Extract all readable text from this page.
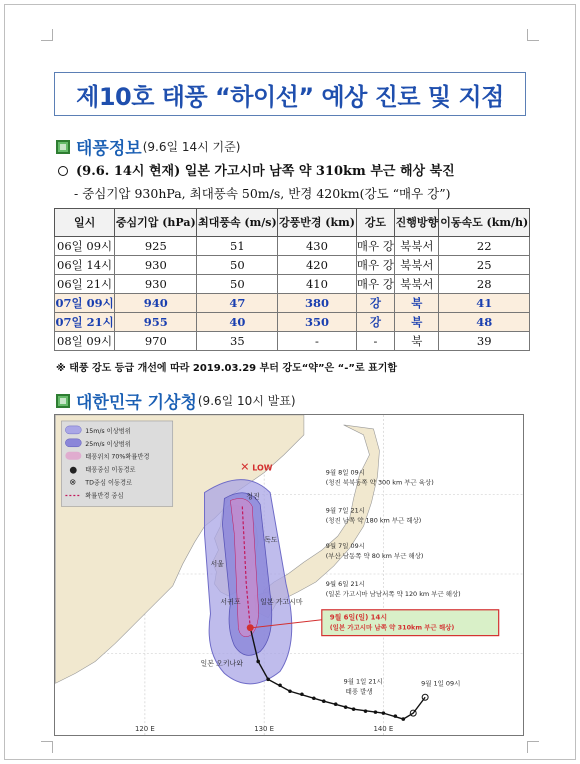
제10호 태풍 “하이선” 예상 진로 및 지점
태풍정보 (9.6일 14시 기준)
(9.6. 14시 현재) 일본 가고시마 남쪽 약 310km 부근 해상 북진
- 중심기압 930hPa, 최대풍속 50m/s, 반경 420km(강도 “매우 강”)
일시	중심기압 (hPa)	최대풍속 (m/s)	강풍반경 (km)	강도	진행방향	이동속도 (km/h)
06일 09시	925	51	430	매우 강	북북서	22
06일 14시	930	50	420	매우 강	북북서	25
06일 21시	930	50	410	매우 강	북북서	28
07일 09시	940	47	380	강	북	41
07일 21시	955	40	350	강	북	48
08일 09시	970	35	-	-	북	39
※ 태풍 강도 등급 개선에 따라 2019.03.29 부터 강도“약”은 “-”로 표기함
대한민국 기상청 (9.6일 10시 발표)
✕ LOW
청진
독도
서울
서귀포	일본 가고시마
일본 오키나와
9월 8일 09시
(청진 북북동쪽 약 300 km 부근 육상)
9월 7일 21시
(청진 남쪽 약 180 km 부근 해상)
9월 7일 09시
(부산 남동쪽 약 80 km 부근 해상)
9월 6일 21시
(일본 가고시마 남남서쪽 약 120 km 부근 해상)
9월 1일 21시
태풍 발생
9월 1일 09시
9월 6일(일) 14시
(일본 가고시마 남쪽 약 310km 부근 해상)
15m/s 이상범위
25m/s 이상범위
태풍위치 70%확률반경
● 태풍중심 이동경로
⊗ TD중심 이동경로
확률반경 중심
120 E	130 E	140 E
